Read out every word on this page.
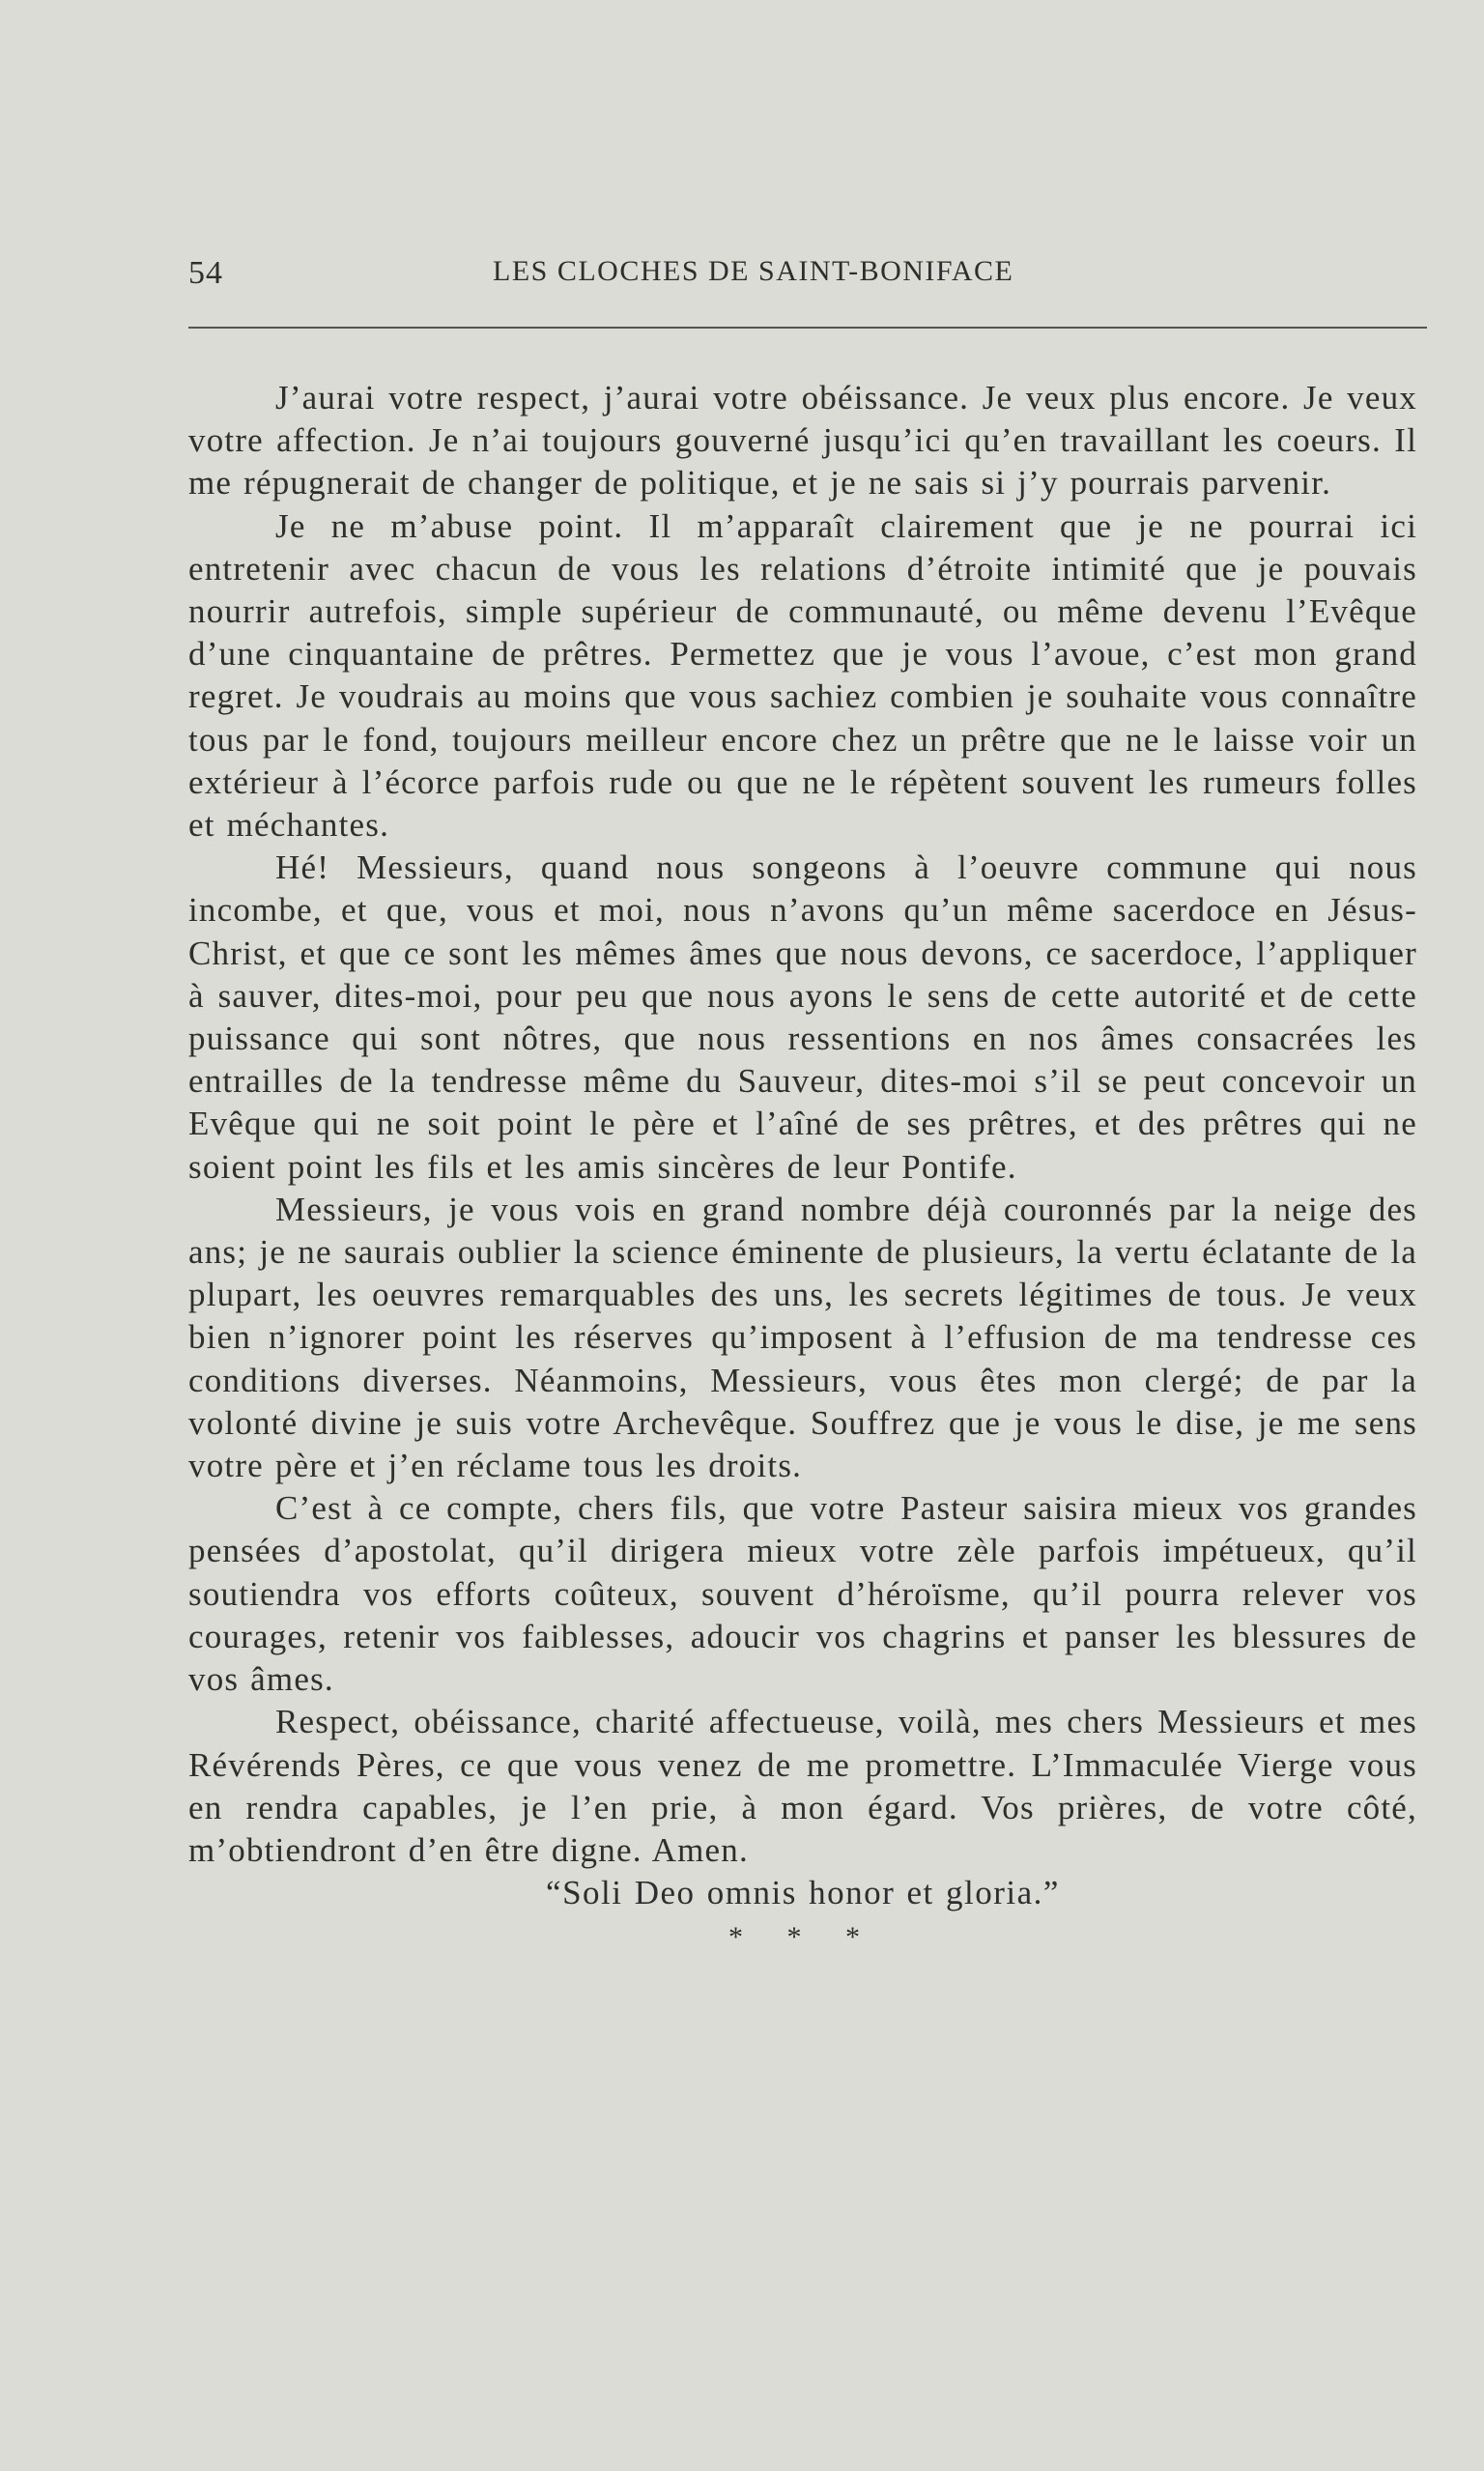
54	LES CLOCHES DE SAINT-BONIFACE

J’aurai votre respect, j’aurai votre obéissance. Je veux plus encore. Je veux votre affection. Je n’ai toujours gouverné jusqu’ici qu’en travaillant les coeurs. Il me répugnerait de changer de politique, et je ne sais si j’y pourrais parvenir.

Je ne m’abuse point. Il m’apparaît clairement que je ne pourrai ici entretenir avec chacun de vous les relations d’étroite intimité que je pouvais nourrir autrefois, simple supérieur de communauté, ou même devenu l’Evêque d’une cinquantaine de prêtres. Permettez que je vous l’avoue, c’est mon grand regret. Je voudrais au moins que vous sachiez combien je souhaite vous connaître tous par le fond, toujours meilleur encore chez un prêtre que ne le laisse voir un extérieur à l’écorce parfois rude ou que ne le répètent souvent les rumeurs folles et méchantes.

Hé! Messieurs, quand nous songeons à l’oeuvre commune qui nous incombe, et que, vous et moi, nous n’avons qu’un même sacerdoce en Jésus-Christ, et que ce sont les mêmes âmes que nous devons, ce sacerdoce, l’appliquer à sauver, dites-moi, pour peu que nous ayons le sens de cette autorité et de cette puissance qui sont nôtres, que nous ressentions en nos âmes consacrées les entrailles de la tendresse même du Sauveur, dites-moi s’il se peut concevoir un Evêque qui ne soit point le père et l’aîné de ses prêtres, et des prêtres qui ne soient point les fils et les amis sincères de leur Pontife.

Messieurs, je vous vois en grand nombre déjà couronnés par la neige des ans; je ne saurais oublier la science éminente de plusieurs, la vertu éclatante de la plupart, les oeuvres remarquables des uns, les secrets légitimes de tous. Je veux bien n’ignorer point les réserves qu’imposent à l’effusion de ma tendresse ces conditions diverses. Néanmoins, Messieurs, vous êtes mon clergé; de par la volonté divine je suis votre Archevêque. Souffrez que je vous le dise, je me sens votre père et j’en réclame tous les droits.

C’est à ce compte, chers fils, que votre Pasteur saisira mieux vos grandes pensées d’apostolat, qu’il dirigera mieux votre zèle parfois impétueux, qu’il soutiendra vos efforts coûteux, souvent d’héroïsme, qu’il pourra relever vos courages, retenir vos faiblesses, adoucir vos chagrins et panser les blessures de vos âmes.

Respect, obéissance, charité affectueuse, voilà, mes chers Messieurs et mes Révérends Pères, ce que vous venez de me promettre. L’Immaculée Vierge vous en rendra capables, je l’en prie, à mon égard. Vos prières, de votre côté, m’obtiendront d’en être digne. Amen.

“Soli Deo omnis honor et gloria.”

* * *
